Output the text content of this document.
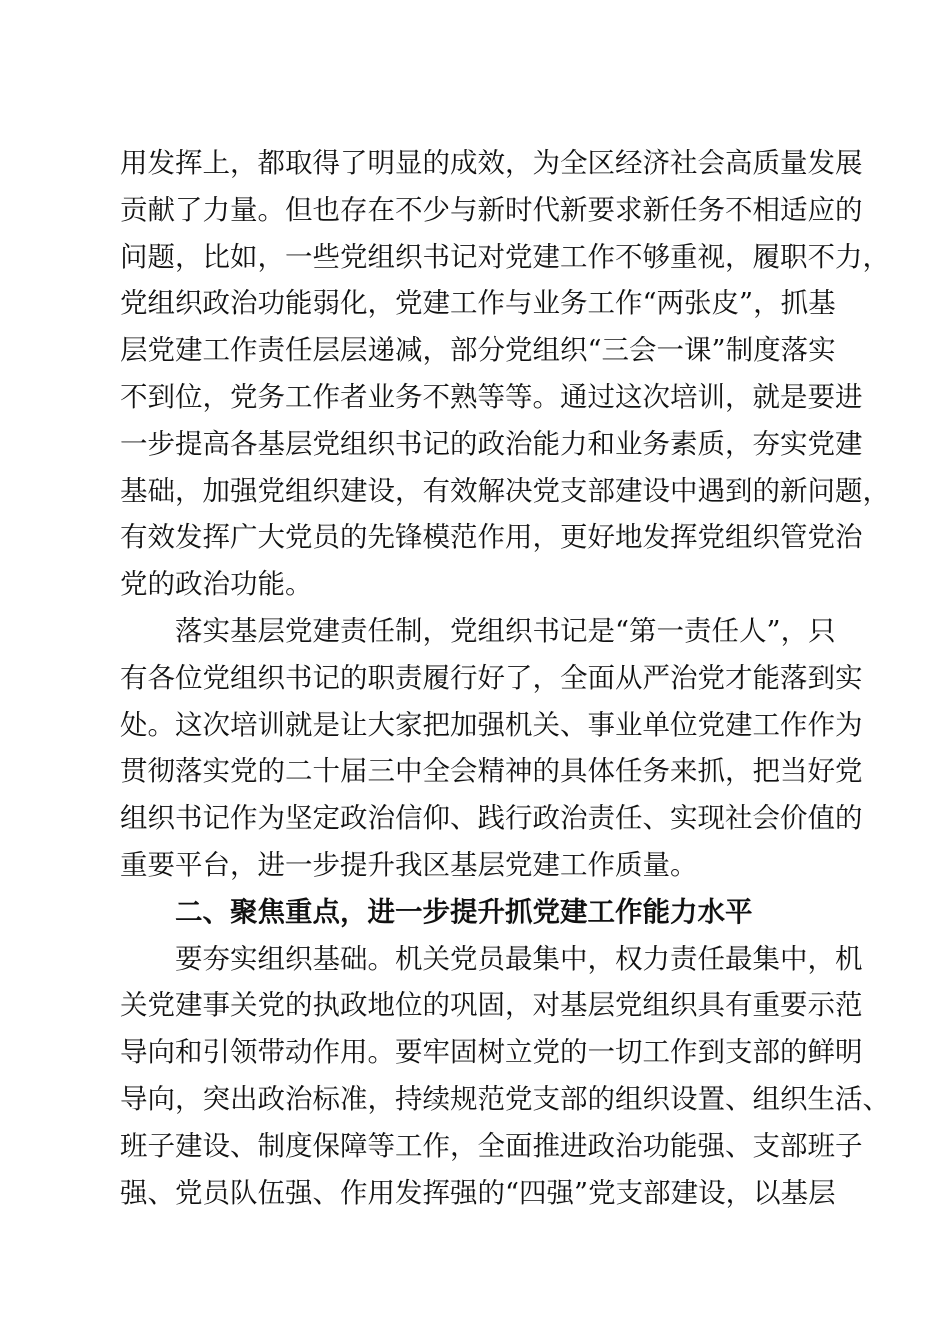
用发挥上，都取得了明显的成效，为全区经济社会高质量发展
贡献了力量。但也存在不少与新时代新要求新任务不相适应的
问题，比如，一些党组织书记对党建工作不够重视，履职不力，
党组织政治功能弱化，党建工作与业务工作“两张皮”，抓基
层党建工作责任层层递减，部分党组织“三会一课”制度落实
不到位，党务工作者业务不熟等等。通过这次培训，就是要进
一步提高各基层党组织书记的政治能力和业务素质，夯实党建
基础，加强党组织建设，有效解决党支部建设中遇到的新问题，
有效发挥广大党员的先锋模范作用，更好地发挥党组织管党治
党的政治功能。
落实基层党建责任制，党组织书记是“第一责任人”，只
有各位党组织书记的职责履行好了，全面从严治党才能落到实
处。这次培训就是让大家把加强机关、事业单位党建工作作为
贯彻落实党的二十届三中全会精神的具体任务来抓，把当好党
组织书记作为坚定政治信仰、践行政治责任、实现社会价值的
重要平台，进一步提升我区基层党建工作质量。
二、聚焦重点，进一步提升抓党建工作能力水平
要夯实组织基础。机关党员最集中，权力责任最集中，机
关党建事关党的执政地位的巩固，对基层党组织具有重要示范
导向和引领带动作用。要牢固树立党的一切工作到支部的鲜明
导向，突出政治标准，持续规范党支部的组织设置、组织生活、
班子建设、制度保障等工作，全面推进政治功能强、支部班子
强、党员队伍强、作用发挥强的“四强”党支部建设，以基层
